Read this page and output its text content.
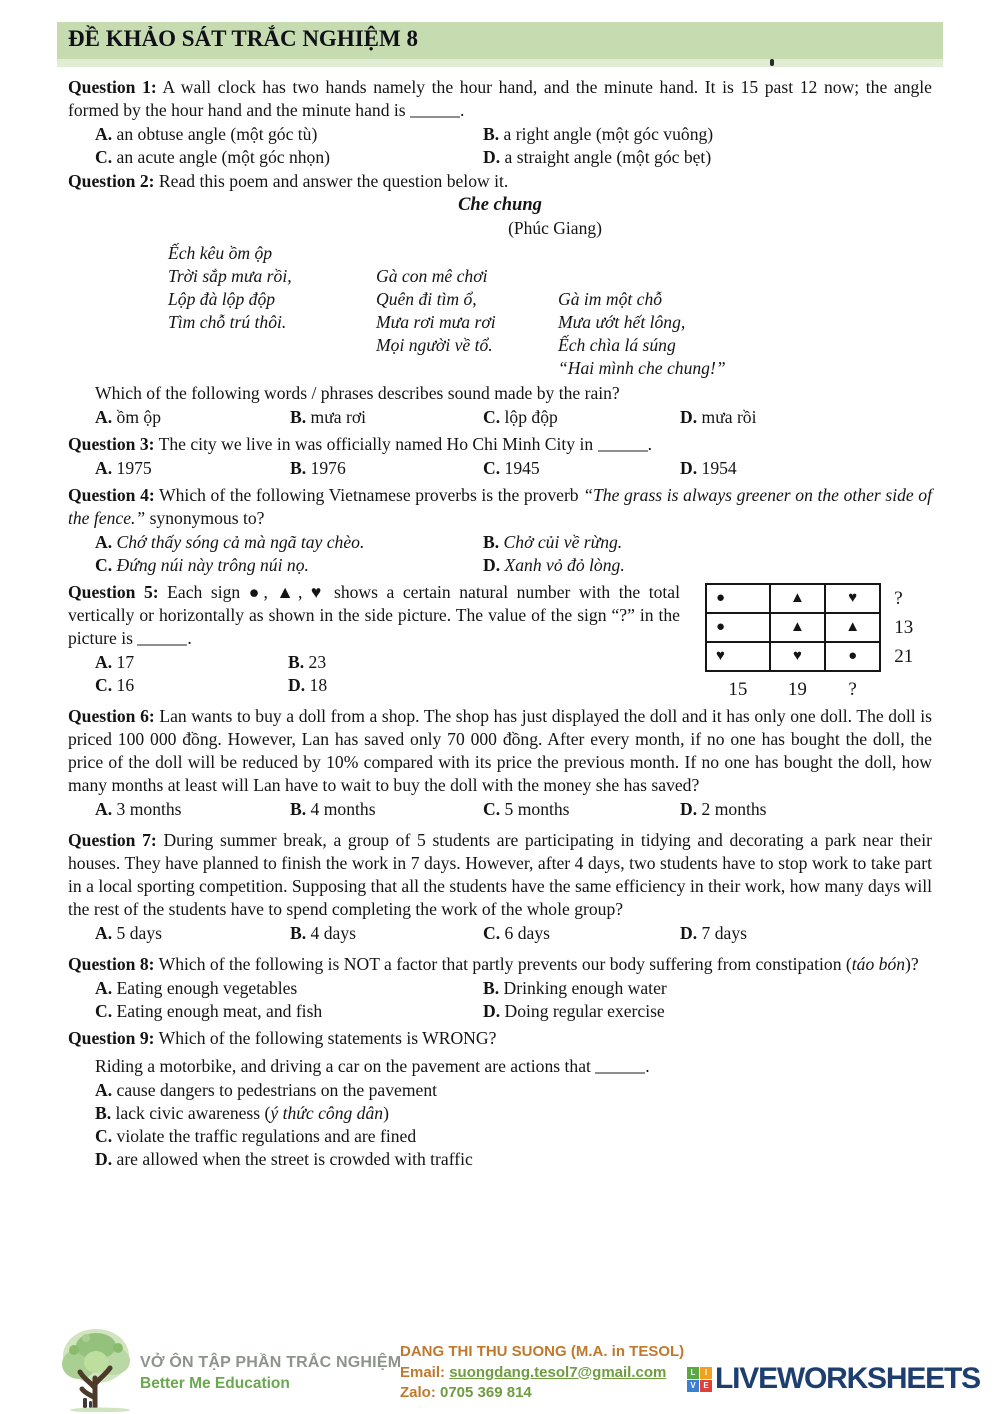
ĐỀ KHẢO SÁT TRẮC NGHIỆM 8

Question 1: A wall clock has two hands namely the hour hand, and the minute hand. It is 15 past 12 now; the angle formed by the hour hand and the minute hand is	.

A. an obtuse angle (một góc tù)	B. a right angle (một góc vuông)
C. an acute angle (một góc nhọn)	D. a straight angle (một góc bẹt)

Question 2: Read this poem and answer the question below it.

Che chung
(Phúc Giang)
Ếch kêu ồm ộp
Trời sắp mưa rồi,
Lộp đà lộp độp
Tìm chỗ trú thôi.
Gà con mê chơi
Quên đi tìm ổ,
Mưa rơi mưa rơi
Mọi người về tổ.
Gà im một chỗ
Mưa ướt hết lông,
Ếch chìa lá súng
“Hai mình che chung!”
Which of the following words / phrases describes sound made by the rain?
A. ồm ộp	B. mưa rơi	C. lộp độp	D. mưa rồi

Question 3: The city we live in was officially named Ho Chi Minh City in	.

A. 1975	B. 1976	C. 1945	D. 1954

Question 4: Which of the following Vietnamese proverbs is the proverb “The grass is always greener on the other side of the fence.” synonymous to?

A. Chớ thấy sóng cả mà ngã tay chèo.	B. Chở củi về rừng.
C. Đứng núi này trông núi nọ.	D. Xanh vỏ đỏ lòng.

Question 5: Each sign ●, ▲, ♥ shows a certain natural number with the total vertically or horizontally as shown in the side picture. The value of the sign “?” in the picture is	.

A. 17	B. 23
C. 16	D. 18
●	▲	♥	?
●	▲	▲	13
♥	♥	●	21
15	19	?	

Question 6: Lan wants to buy a doll from a shop. The shop has just displayed the doll and it has only one doll. The doll is priced 100 000 đồng. However, Lan has saved only 70 000 đồng. After every month, if no one has bought the doll, the price of the doll will be reduced by 10% compared with its price the previous month. If no one has bought the doll, how many months at least will Lan have to wait to buy the doll with the money she has saved?

A. 3 months	B. 4 months	C. 5 months	D. 2 months

Question 7: During summer break, a group of 5 students are participating in tidying and decorating a park near their houses. They have planned to finish the work in 7 days. However, after 4 days, two students have to stop work to take part in a local sporting competition. Supposing that all the students have the same efficiency in their work, how many days will the rest of the students have to spend completing the work of the whole group?

A. 5 days	B. 4 days	C. 6 days	D. 7 days

Question 8: Which of the following is NOT a factor that partly prevents our body suffering from constipation (táo bón)?

A. Eating enough vegetables	B. Drinking enough water
C. Eating enough meat, and fish	D. Doing regular exercise

Question 9: Which of the following statements is WRONG?

Riding a motorbike, and driving a car on the pavement are actions that	.
A. cause dangers to pedestrians on the pavement
B. lack civic awareness (ý thức công dân)
C. violate the traffic regulations and are fined
D. are allowed when the street is crowded with traffic
VỞ ÔN TẬP PHẦN TRẮC NGHIỆM
Better Me Education
DANG THI THU SUONG (M.A. in TESOL)
Email: suongdang.tesol7@gmail.com
Zalo: 0705 369 814
L	I
V E LIVEWORKSHEETS
